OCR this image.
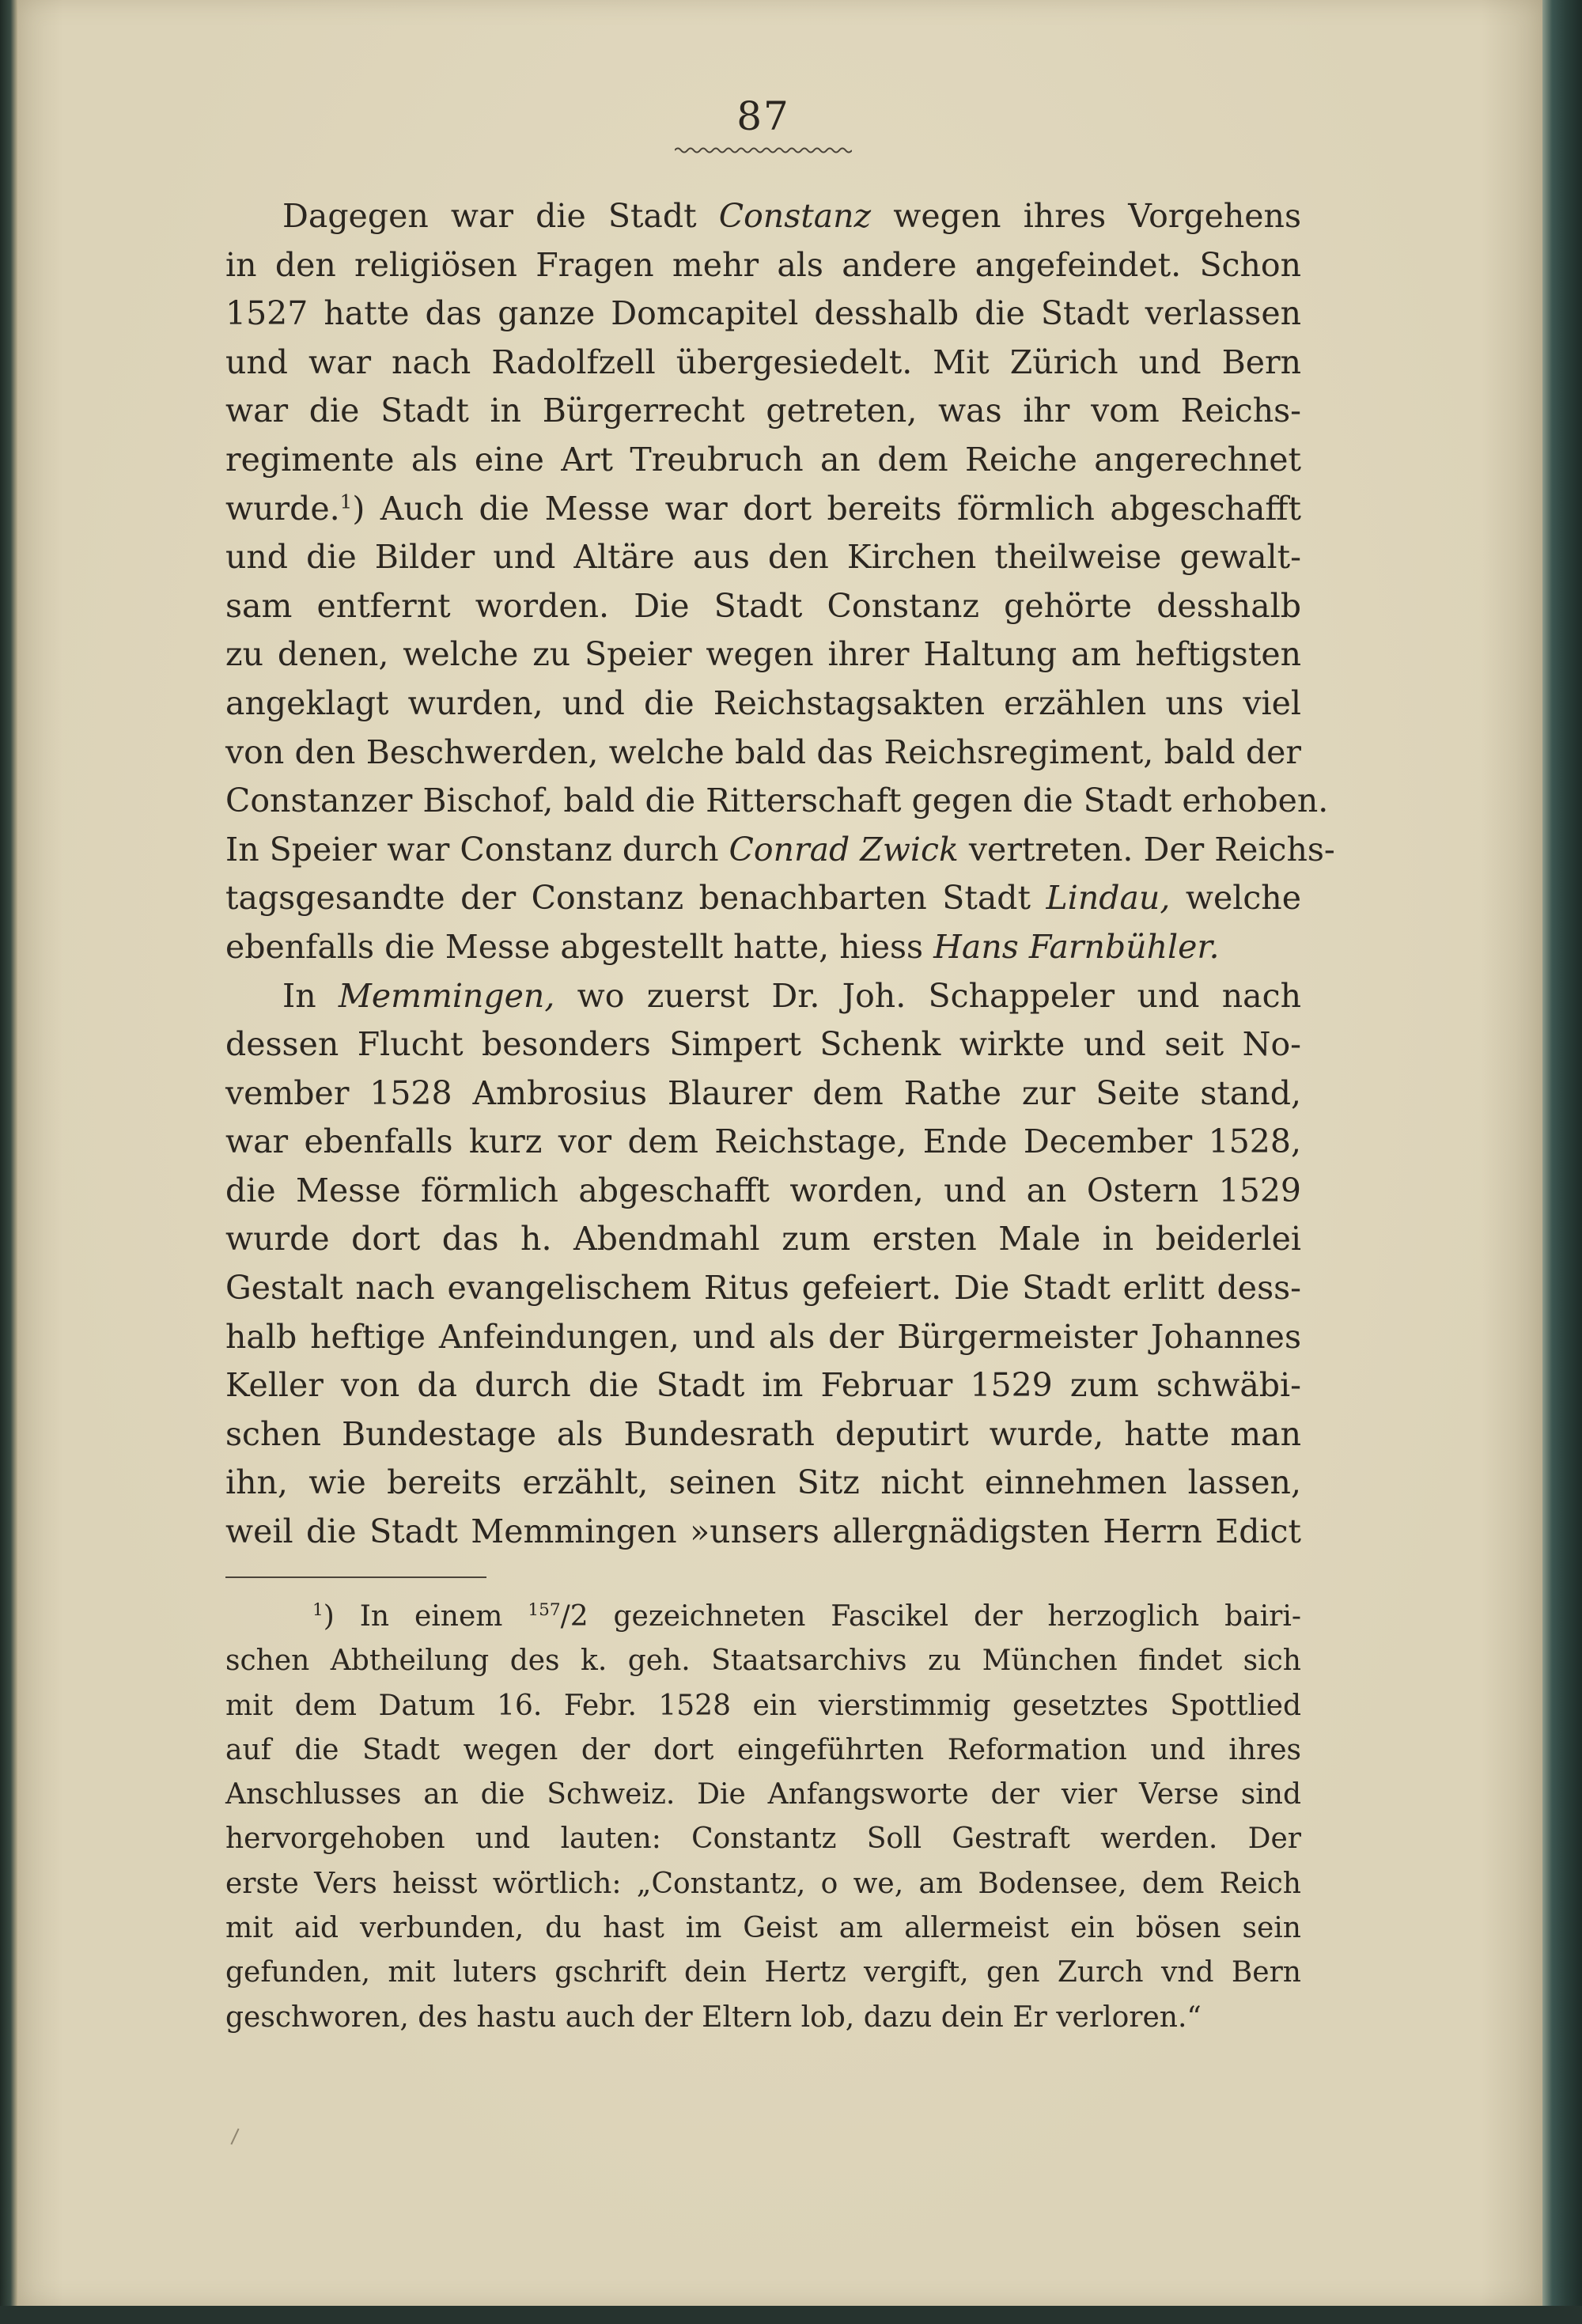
87
Dagegen war die Stadt Constanz wegen ihres Vorgehens
in den religiösen Fragen mehr als andere angefeindet. Schon
1527 hatte das ganze Domcapitel desshalb die Stadt verlassen
und war nach Radolfzell übergesiedelt. Mit Zürich und Bern
war die Stadt in Bürgerrecht getreten, was ihr vom Reichs-
regimente als eine Art Treubruch an dem Reiche angerechnet
wurde.$^1$) Auch die Messe war dort bereits förmlich abgeschafft
und die Bilder und Altäre aus den Kirchen theilweise gewalt-
sam entfernt worden. Die Stadt Constanz gehörte desshalb
zu denen, welche zu Speier wegen ihrer Haltung am heftigsten
angeklagt wurden, und die Reichstagsakten erzählen uns viel
von den Beschwerden, welche bald das Reichsregiment, bald der
Constanzer Bischof, bald die Ritterschaft gegen die Stadt erhoben.
In Speier war Constanz durch Conrad Zwick vertreten. Der Reichs-
tagsgesandte der Constanz benachbarten Stadt Lindau, welche
ebenfalls die Messe abgestellt hatte, hiess Hans Farnbühler.
In Memmingen, wo zuerst Dr. Joh. Schappeler und nach
dessen Flucht besonders Simpert Schenk wirkte und seit No-
vember 1528 Ambrosius Blaurer dem Rathe zur Seite stand,
war ebenfalls kurz vor dem Reichstage, Ende December 1528,
die Messe förmlich abgeschafft worden, und an Ostern 1529
wurde dort das h. Abendmahl zum ersten Male in beiderlei
Gestalt nach evangelischem Ritus gefeiert. Die Stadt erlitt dess-
halb heftige Anfeindungen, und als der Bürgermeister Johannes
Keller von da durch die Stadt im Februar 1529 zum schwäbi-
schen Bundestage als Bundesrath deputirt wurde, hatte man
ihn, wie bereits erzählt, seinen Sitz nicht einnehmen lassen,
weil die Stadt Memmingen »unsers allergnädigsten Herrn Edict
$^1$) In einem $^{157}$/2 gezeichneten Fascikel der herzoglich bairi-
schen Abtheilung des k. geh. Staatsarchivs zu München findet sich
mit dem Datum 16. Febr. 1528 ein vierstimmig gesetztes Spottlied
auf die Stadt wegen der dort eingeführten Reformation und ihres
Anschlusses an die Schweiz. Die Anfangsworte der vier Verse sind
hervorgehoben und lauten: Constantz Soll Gestraft werden. Der
erste Vers heisst wörtlich: „Constantz, o we, am Bodensee, dem Reich
mit aid verbunden, du hast im Geist am allermeist ein bösen sein
gefunden, mit luters gschrift dein Hertz vergift, gen Zurch vnd Bern
geschworen, des hastu auch der Eltern lob, dazu dein Er verloren.“
